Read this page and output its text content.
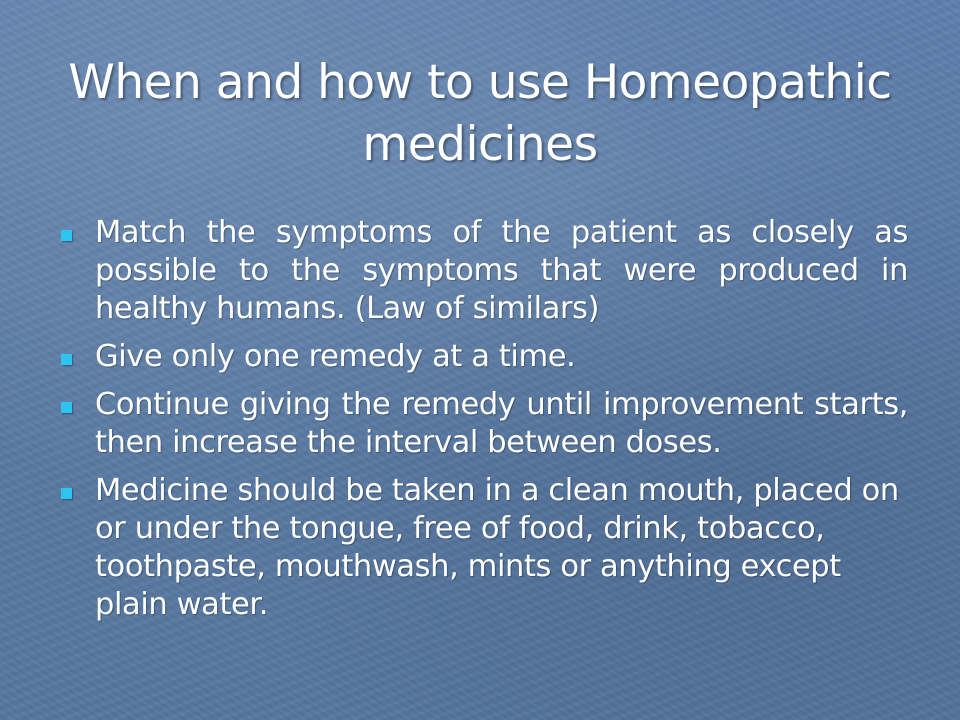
When and how to use Homeopathic medicines
Match the symptoms of the patient as closely as possible to the symptoms that were produced in healthy humans. (Law of similars)
Give only one remedy at a time.
Continue giving the remedy until improvement starts, then increase the interval between doses.
Medicine should be taken in a clean mouth, placed on or under the tongue, free of food, drink, tobacco, toothpaste, mouthwash, mints or anything except plain water.
